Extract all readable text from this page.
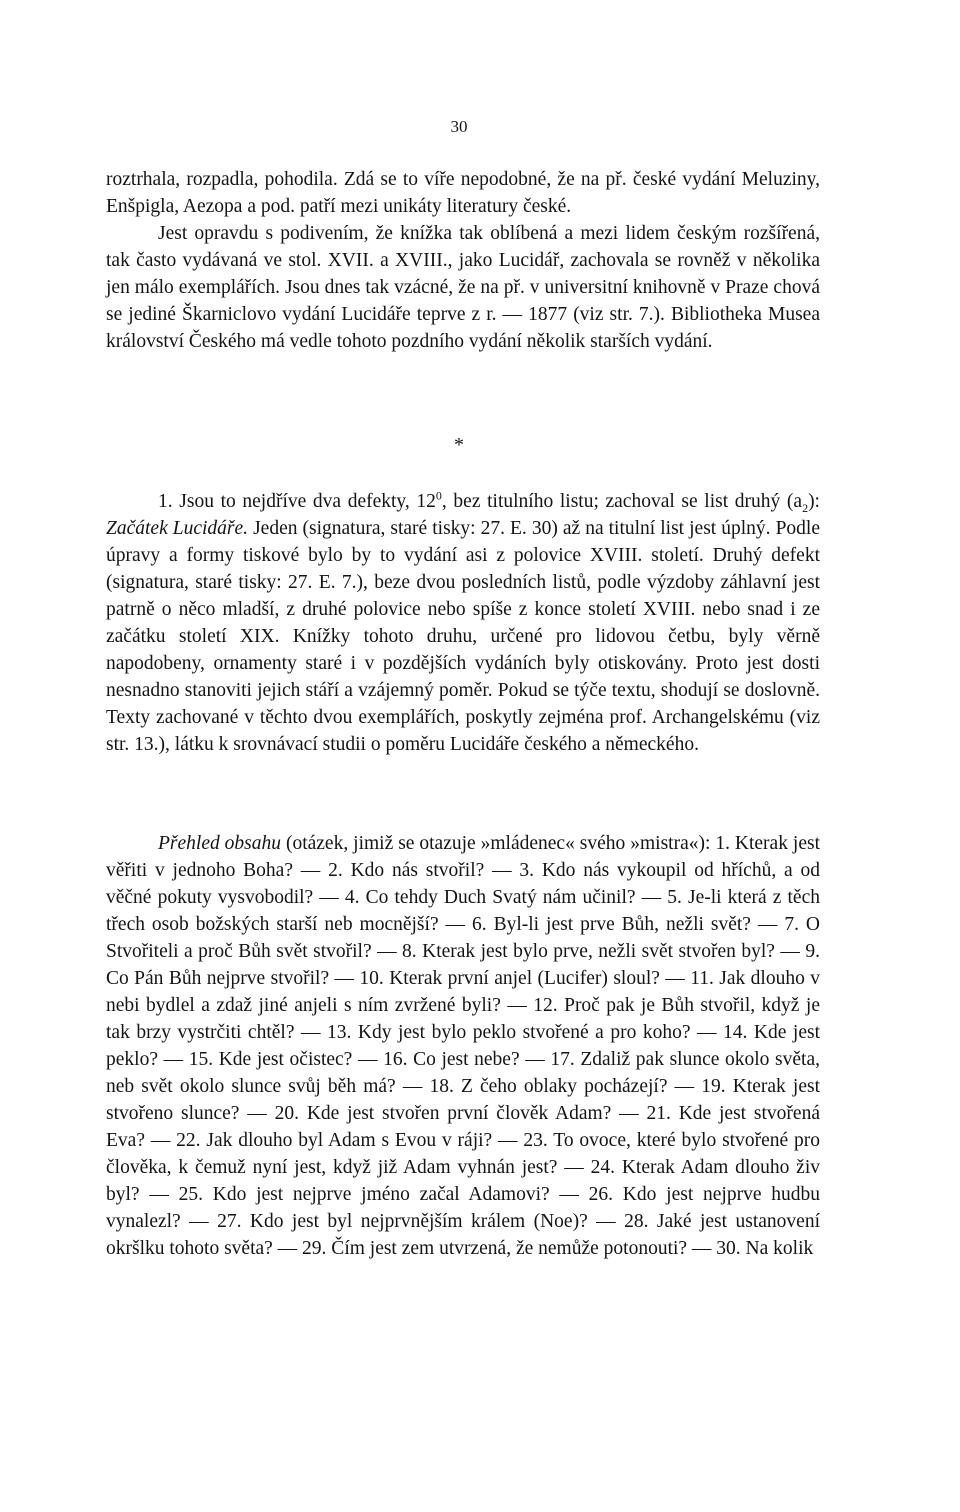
30

roztrhala, rozpadla, pohodila. Zdá se to víře nepodobné, že na př. české vydání Meluziny, Enšpigla, Aezopa a pod. patří mezi unikáty literatury české.

Jest opravdu s podivením, že knížka tak oblíbená a mezi lidem českým rozšířená, tak často vydávaná ve stol. XVII. a XVIII., jako Lucidář, zachovala se rovněž v několika jen málo exemplářích. Jsou dnes tak vzácné, že na př. v universitní knihovně v Praze chová se jediné Škarniclovo vydání Lucidáře teprve z r. — 1877 (viz str. 7.). Bibliotheka Musea království Českého má vedle tohoto pozdního vydání několik starších vydání.

*

1. Jsou to nejdříve dva defekty, $12^0$, bez titulního listu; zachoval se list druhý $(a_2)$: Začátek Lucidáře. Jeden (signatura, staré tisky: 27. E. 30) až na titulní list jest úplný. Podle úpravy a formy tiskové bylo by to vydání asi z polovice XVIII. století. Druhý defekt (signatura, staré tisky: 27. E. 7.), beze dvou posledních listů, podle výzdoby záhlavní jest patrně o něco mladší, z druhé polovice nebo spíše z konce století XVIII. nebo snad i ze začátku století XIX. Knížky tohoto druhu, určené pro lidovou četbu, byly věrně napodobeny, ornamenty staré i v pozdějších vydáních byly otiskovány. Proto jest dosti nesnadno stanoviti jejich stáří a vzájemný poměr. Pokud se týče textu, shodují se doslovně. Texty zachované v těchto dvou exemplářích, poskytly zejména prof. Archangelskému (viz str. 13.), látku k srovnávací studii o poměru Lucidáře českého a německého.

Přehled obsahu (otázek, jimiž se otazuje »mládenec« svého »mistra«): 1. Kterak jest věřiti v jednoho Boha? — 2. Kdo nás stvořil? — 3. Kdo nás vykoupil od hříchů, a od věčné pokuty vysvobodil? — 4. Co tehdy Duch Svatý nám učinil? — 5. Je-li která z těch třech osob božských starší neb mocnější? — 6. Byl-li jest prve Bůh, nežli svět? — 7. O Stvořiteli a proč Bůh svět stvořil? — 8. Kterak jest bylo prve, nežli svět stvořen byl? — 9. Co Pán Bůh nejprve stvořil? — 10. Kterak první anjel (Lucifer) sloul? — 11. Jak dlouho v nebi bydlel a zdaž jiné anjeli s ním zvržené byli? — 12. Proč pak je Bůh stvořil, když je tak brzy vystrčiti chtěl? — 13. Kdy jest bylo peklo stvořené a pro koho? — 14. Kde jest peklo? — 15. Kde jest očistec? — 16. Co jest nebe? — 17. Zdaliž pak slunce okolo světa, neb svět okolo slunce svůj běh má? — 18. Z čeho oblaky pocházejí? — 19. Kterak jest stvořeno slunce? — 20. Kde jest stvořen první člověk Adam? — 21. Kde jest stvořená Eva? — 22. Jak dlouho byl Adam s Evou v ráji? — 23. To ovoce, které bylo stvořené pro člověka, k čemuž nyní jest, když již Adam vyhnán jest? — 24. Kterak Adam dlouho živ byl? — 25. Kdo jest nejprve jméno začal Adamovi? — 26. Kdo jest nejprve hudbu vynalezl? — 27. Kdo jest byl nejprvnějším králem (Noe)? — 28. Jaké jest ustanovení okršlku tohoto světa? — 29. Čím jest zem utvrzená, že nemůže potonouti? — 30. Na kolik
